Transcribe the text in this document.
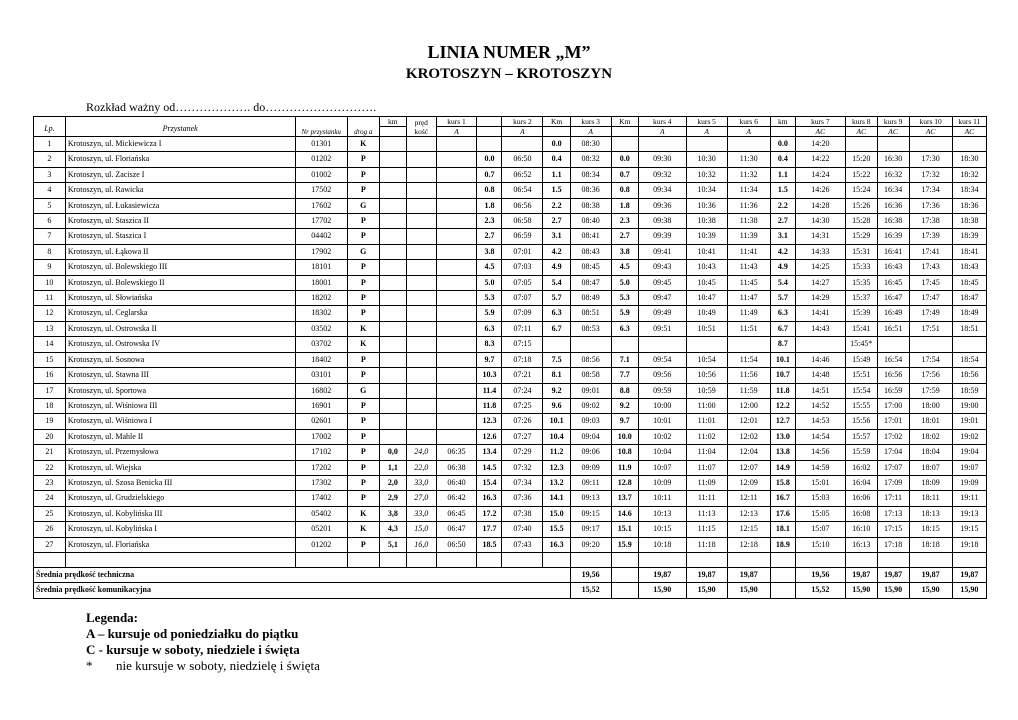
LINIA NUMER „M”
KROTOSZYN – KROTOSZYN
Rozkład ważny od………………. do……………………….
Lp.	Przystanek	Nr przystanku	drog a	km	pręd kość	kurs 1		kurs 2	Km	kurs 3	Km	kurs 4	kurs 5	kurs 6	km	kurs 7	kurs 8	kurs 9	kurs 10	kurs 11
						A		A		A		A	A	A		AC	AC	AC	AC	AC
1	Krotoszyn, ul. Mickiewicza I	01301	K						0.0	08:30					0.0	14:20				
2	Krotoszyn, ul. Floriańska	01202	P				0.0	06:50	0.4	08:32	0.0	09:30	10:30	11:30	0.4	14:22	15:20	16:30	17:30	18:30
3	Krotoszyn, ul. Zacisze I	01002	P				0.7	06:52	1.1	08:34	0.7	09:32	10:32	11:32	1.1	14:24	15:22	16:32	17:32	18:32
4	Krotoszyn, ul. Rawicka	17502	P				0.8	06:54	1.5	08:36	0.8	09:34	10:34	11:34	1.5	14:26	15:24	16:34	17:34	18:34
5	Krotoszyn, ul. Łukasiewicza	17602	G				1.8	06:56	2.2	08:38	1.8	09:36	10:36	11:36	2.2	14:28	15:26	16:36	17:36	18:36
6	Krotoszyn, ul. Staszica II	17702	P				2.3	06:58	2.7	08:40	2.3	09:38	10:38	11:38	2.7	14:30	15:28	16:38	17:38	18:38
7	Krotoszyn, ul. Staszica I	04402	P				2.7	06:59	3.1	08:41	2.7	09:39	10:39	11:39	3.1	14:31	15:29	16:39	17:39	18:39
8	Krotoszyn, ul. Łąkowa II	17902	G				3.8	07:01	4.2	08:43	3.8	09:41	10:41	11:41	4.2	14:33	15:31	16:41	17:41	18:41
9	Krotoszyn, ul. Bolewskiego III	18101	P				4.5	07:03	4.9	08:45	4.5	09:43	10:43	11:43	4.9	14:25	15:33	16:43	17:43	18:43
10	Krotoszyn, ul. Bolewskiego II	18001	P				5.0	07:05	5.4	08:47	5.0	09:45	10:45	11:45	5.4	14:27	15:35	16:45	17:45	18:45
11	Krotoszyn, ul. Słowiańska	18202	P				5.3	07:07	5.7	08:49	5.3	09:47	10:47	11:47	5.7	14:29	15:37	16:47	17:47	18:47
12	Krotoszyn, ul. Ceglarska	18302	P				5.9	07:09	6.3	08:51	5.9	09:49	10:49	11:49	6.3	14:41	15:39	16:49	17:49	18:49
13	Krotoszyn, ul. Ostrowska II	03502	K				6.3	07:11	6.7	08:53	6.3	09:51	10:51	11:51	6.7	14:43	15:41	16:51	17:51	18:51
14	Krotoszyn, ul. Ostrowska IV	03702	K				8.3	07:15							8.7		15:45*			
15	Krotoszyn, ul. Sosnowa	18402	P				9.7	07:18	7.5	08:56	7.1	09:54	10:54	11:54	10.1	14:46	15:49	16:54	17:54	18:54
16	Krotoszyn, ul. Stawna III	03101	P				10.3	07:21	8.1	08:58	7.7	09:56	10:56	11:56	10.7	14:48	15:51	16:56	17:56	18:56
17	Krotoszyn, ul. Sportowa	16802	G				11.4	07:24	9.2	09:01	8.8	09:59	10:59	11:59	11.8	14:51	15:54	16:59	17:59	18:59
18	Krotoszyn, ul. Wiśniowa III	16901	P				11.8	07:25	9.6	09:02	9.2	10:00	11:00	12:00	12.2	14:52	15:55	17:00	18:00	19:00
19	Krotoszyn, ul. Wiśniowa I	02601	P				12.3	07:26	10.1	09:03	9.7	10:01	11:01	12:01	12.7	14:53	15:56	17:01	18:01	19:01
20	Krotoszyn, ul. Mahle II	17002	P				12.6	07:27	10.4	09:04	10.0	10:02	11:02	12:02	13.0	14:54	15:57	17:02	18:02	19:02
21	Krotoszyn, ul. Przemysłowa	17102	P	0,0	24,0	06:35	13.4	07:29	11.2	09:06	10.8	10:04	11:04	12:04	13.8	14:56	15:59	17:04	18:04	19:04
22	Krotoszyn, ul. Wiejska	17202	P	1,1	22,0	06:38	14.5	07:32	12.3	09:09	11.9	10:07	11:07	12:07	14.9	14:59	16:02	17:07	18:07	19:07
23	Krotoszyn, ul. Szosa Benicka III	17302	P	2,0	33,0	06:40	15.4	07:34	13.2	09:11	12.8	10:09	11:09	12:09	15.8	15:01	16:04	17:09	18:09	19:09
24	Krotoszyn, ul. Grudzielskiego	17402	P	2,9	27,0	06:42	16.3	07:36	14.1	09:13	13.7	10:11	11:11	12:11	16.7	15:03	16:06	17:11	18:11	19:11
25	Krotoszyn, ul. Kobylińska III	05402	K	3,8	33,0	06:45	17.2	07:38	15.0	09:15	14.6	10:13	11:13	12:13	17.6	15:05	16:08	17:13	18:13	19:13
26	Krotoszyn, ul. Kobylińska I	05201	K	4,3	15,0	06:47	17.7	07:40	15.5	09:17	15.1	10:15	11:15	12:15	18.1	15:07	16:10	17:15	18:15	19:15
27	Krotoszyn, ul. Floriańska	01202	P	5,1	16,0	06:50	18.5	07:43	16.3	09:20	15.9	10:18	11:18	12:18	18.9	15:10	16:13	17:18	18:18	19:18

Średnia prędkość techniczna										19,56		19,87	19,87	19,87		19,56	19,87	19,87	19,87	19,87
Średnia prędkość komunikacyjna										15,52		15,90	15,90	15,90		15,52	15,90	15,90	15,90	15,90
Legenda:
A – kursuje od poniedziałku do piątku
C - kursuje w soboty, niedziele i święta
* nie kursuje w soboty, niedzielę i święta
